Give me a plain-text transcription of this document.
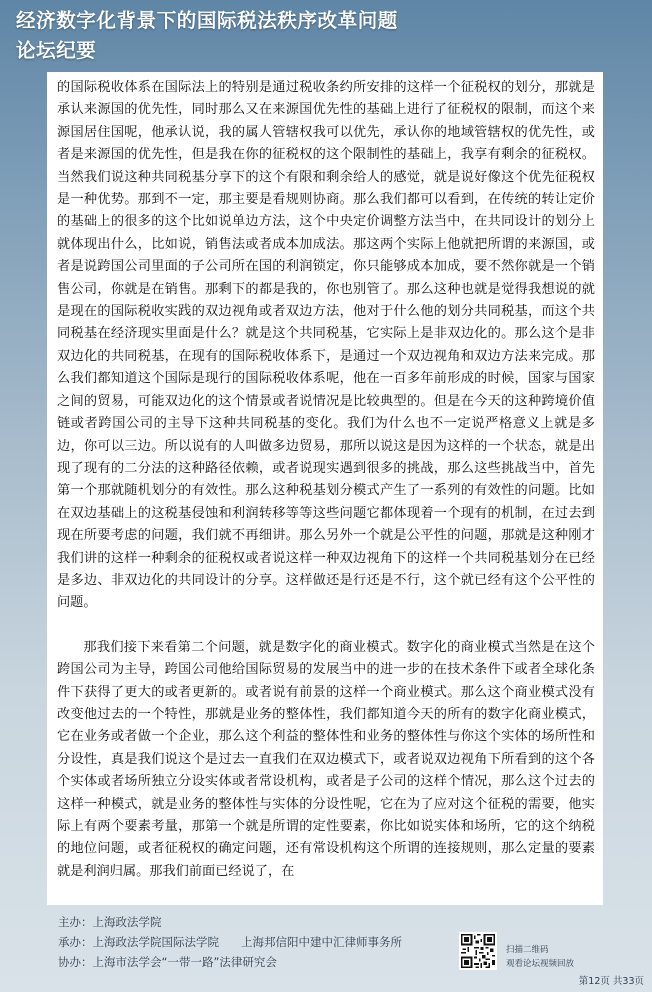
经济数字化背景下的国际税法秩序改革问题
论坛纪要

的国际税收体系在国际法上的特别是通过税收条约所安排的这样一个征税权的划分，那就是承认来源国的优先性，同时那么又在来源国优先性的基础上进行了征税权的限制，而这个来源国居住国呢，他承认说，我的属人管辖权我可以优先，承认你的地域管辖权的优先性，或者是来源国的优先性，但是我在你的征税权的这个限制性的基础上，我享有剩余的征税权。当然我们说这种共同税基分享下的这个有限和剩余给人的感觉，就是说好像这个优先征税权是一种优势。那到不一定，那主要是看规则协商。那么我们都可以看到，在传统的转让定价的基础上的很多的这个比如说单边方法，这个中央定价调整方法当中，在共同设计的划分上就体现出什么，比如说，销售法或者成本加成法。那这两个实际上他就把所谓的来源国，或者是说跨国公司里面的子公司所在国的利润锁定，你只能够成本加成，要不然你就是一个销售公司，你就是在销售。那剩下的都是我的，你也别管了。那么这种也就是觉得我想说的就是现在的国际税收实践的双边视角或者双边方法，他对于什么他的划分共同税基，而这个共同税基在经济现实里面是什么？就是这个共同税基，它实际上是非双边化的。那么这个是非双边化的共同税基，在现有的国际税收体系下，是通过一个双边视角和双边方法来完成。那么我们都知道这个国际是现行的国际税收体系呢，他在一百多年前形成的时候，国家与国家之间的贸易，可能双边化的这个情景或者说情况是比较典型的。但是在今天的这种跨境价值链或者跨国公司的主导下这种共同税基的变化。我们为什么也不一定说严格意义上就是多边，你可以三边。所以说有的人叫做多边贸易，那所以说这是因为这样的一个状态，就是出现了现有的二分法的这种路径依赖，或者说现实遇到很多的挑战，那么这些挑战当中，首先第一个那就随机划分的有效性。那么这种税基划分模式产生了一系列的有效性的问题。比如在双边基础上的这税基侵蚀和利润转移等等这些问题它都体现着一个现有的机制，在过去到现在所要考虑的问题，我们就不再细讲。那么另外一个就是公平性的问题，那就是这种刚才我们讲的这样一种剩余的征税权或者说这样一种双边视角下的这样一个共同税基划分在已经是多边、非双边化的共同设计的分享。这样做还是行还是不行，这个就已经有这个公平性的问题。

那我们接下来看第二个问题，就是数字化的商业模式。数字化的商业模式当然是在这个跨国公司为主导，跨国公司他给国际贸易的发展当中的进一步的在技术条件下或者全球化条件下获得了更大的或者更新的。或者说有前景的这样一个商业模式。那么这个商业模式没有改变他过去的一个特性，那就是业务的整体性，我们都知道今天的所有的数字化商业模式，它在业务或者做一个企业，那么这个利益的整体性和业务的整体性与你这个实体的场所性和分设性，真是我们说这个是过去一直我们在双边模式下，或者说双边视角下所看到的这个各个实体或者场所独立分设实体或者常设机构，或者是子公司的这样个情况，那么这个过去的这样一种模式，就是业务的整体性与实体的分设性呢，它在为了应对这个征税的需要，他实际上有两个要素考量，那第一个就是所谓的定性要素，你比如说实体和场所，它的这个纳税的地位问题，或者征税权的确定问题，还有常设机构这个所谓的连接规则，那么定量的要素就是利润归属。那我们前面已经说了，在

主办：上海政法学院
承办：上海政法学院国际法学院 上海邦信阳中建中汇律师事务所
协办：上海市法学会“一带一路”法律研究会
扫描二维码
观看论坛视频回放
第12页 共33页
